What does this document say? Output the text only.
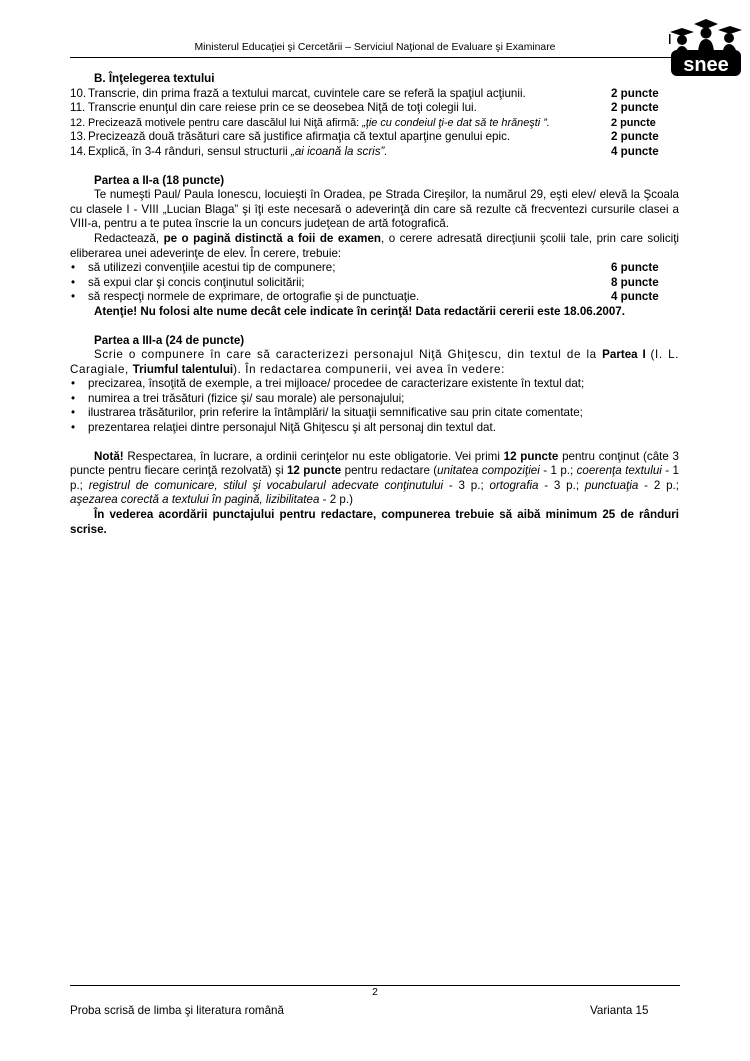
Ministerul Educaţiei şi Cercetării – Serviciul Naţional de Evaluare şi Examinare
snee
B. Înţelegerea textului
10. Transcrie, din prima frază a textului marcat, cuvintele care se referă la spaţiul acţiunii.	2 puncte
11. Transcrie enunţul din care reiese prin ce se deosebea Niţă de toţi colegii lui.	2 puncte
12. Precizează motivele pentru care dascălul lui Niţă afirmă: „ţie cu condeiul ţi-e dat să te hrăneşti ”.	2 puncte
13. Precizează două trăsături care să justifice afirmaţia că textul aparţine genului epic.	2 puncte
14. Explică, în 3-4 rânduri, sensul structurii „ai icoană la scris”.	4 puncte
Partea a II-a (18 puncte)
Te numeşti Paul/ Paula Ionescu, locuieşti în Oradea, pe Strada Cireşilor, la numărul 29, eşti elev/ elevă la Şcoala cu clasele I - VIII „Lucian Blaga” şi îţi este necesară o adeverinţă din care să rezulte că frecventezi cursurile clasei a VIII-a, pentru a te putea înscrie la un concurs judeţean de artă fotografică.
Redactează, pe o pagină distinctă a foii de examen, o cerere adresată direcţiunii şcolii tale, prin care soliciţi eliberarea unei adeverinţe de elev. În cerere, trebuie:
• să utilizezi convenţiile acestui tip de compunere;	6 puncte
• să expui clar şi concis conţinutul solicitării;	8 puncte
• să respecţi normele de exprimare, de ortografie şi de punctuaţie.	4 puncte
Atenţie! Nu folosi alte nume decât cele indicate în cerinţă! Data redactării cererii este 18.06.2007.
Partea a III-a (24 de puncte)
Scrie o compunere în care să caracterizezi personajul Niţă Ghiţescu, din textul de la Partea I (I. L. Caragiale, Triumful talentului). În redactarea compunerii, vei avea în vedere:
• precizarea, însoţită de exemple, a trei mijloace/ procedee de caracterizare existente în textul dat;
• numirea a trei trăsături (fizice şi/ sau morale) ale personajului;
• ilustrarea trăsăturilor, prin referire la întâmplări/ la situaţii semnificative sau prin citate comentate;
• prezentarea relaţiei dintre personajul Niţă Ghiţescu şi alt personaj din textul dat.
Notă! Respectarea, în lucrare, a ordinii cerinţelor nu este obligatorie. Vei primi 12 puncte pentru conţinut (câte 3 puncte pentru fiecare cerinţă rezolvată) şi 12 puncte pentru redactare (unitatea compoziţiei - 1 p.; coerenţa textului - 1 p.; registrul de comunicare, stilul şi vocabularul adecvate conţinutului - 3 p.; ortografia - 3 p.; punctuaţia - 2 p.; aşezarea corectă a textului în pagină, lizibilitatea - 2 p.)
În vederea acordării punctajului pentru redactare, compunerea trebuie să aibă minimum 25 de rânduri scrise.
2
Proba scrisă de limba şi literatura română	Varianta 15
